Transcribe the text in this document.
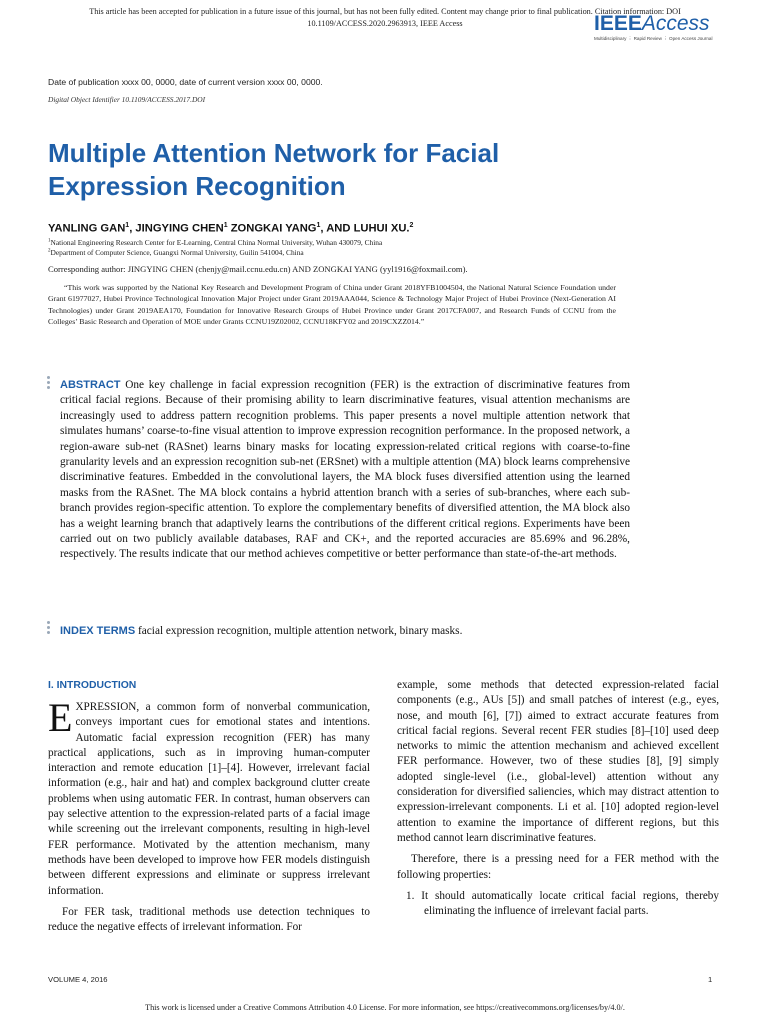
This article has been accepted for publication in a future issue of this journal, but has not been fully edited. Content may change prior to final publication. Citation information: DOI
10.1109/ACCESS.2020.2963913, IEEE Access	IEEEAccess
Multidisciplinary ⋮ Rapid Review ⋮ Open Access Journal
Date of publication xxxx 00, 0000, date of current version xxxx 00, 0000.
Digital Object Identifier 10.1109/ACCESS.2017.DOI
Multiple Attention Network for Facial
Expression Recognition
YANLING GAN$^1$, JINGYING CHEN$^1$ ZONGKAI YANG$^1$, AND LUHUI XU.$^2$
$^1$National Engineering Research Center for E-Learning, Central China Normal University, Wuhan 430079, China
$^2$Department of Computer Science, Guangxi Normal University, Guilin 541004, China
Corresponding author: JINGYING CHEN (chenjy@mail.ccnu.edu.cn) AND ZONGKAI YANG (yyl1916@foxmail.com).
“This work was supported by the National Key Research and Development Program of China under Grant 2018YFB1004504, the National Natural Science Foundation under Grant 61977027, Hubei Province Technological Innovation Major Project under Grant 2019AAA044, Science & Technology Major Project of Hubei Province (Next-Generation AI Technologies) under Grant 2019AEA170, Foundation for Innovative Research Groups of Hubei Province under Grant 2017CFA007, and Research Funds of CCNU from the Colleges’ Basic Research and Operation of MOE under Grants CCNU19Z02002, CCNU18KFY02 and 2019CXZZ014.”
ABSTRACT One key challenge in facial expression recognition (FER) is the extraction of discriminative features from critical facial regions. Because of their promising ability to learn discriminative features, visual attention mechanisms are increasingly used to address pattern recognition problems. This paper presents a novel multiple attention network that simulates humans’ coarse-to-fine visual attention to improve expression recognition performance. In the proposed network, a region-aware sub-net (RASnet) learns binary masks for locating expression-related critical regions with coarse-to-fine granularity levels and an expression recognition sub-net (ERSnet) with a multiple attention (MA) block learns comprehensive discriminative features. Embedded in the convolutional layers, the MA block fuses diversified attention using the learned masks from the RASnet. The MA block contains a hybrid attention branch with a series of sub-branches, where each sub-branch provides region-specific attention. To explore the complementary benefits of diversified attention, the MA block also has a weight learning branch that adaptively learns the contributions of the different critical regions. Experiments have been carried out on two publicly available databases, RAF and CK+, and the reported accuracies are 85.69% and 96.28%, respectively. The results indicate that our method achieves competitive or better performance than state-of-the-art methods.
INDEX TERMS facial expression recognition, multiple attention network, binary masks.
I. INTRODUCTION

EXPRESSION, a common form of nonverbal communication, conveys important cues for emotional states and intentions. Automatic facial expression recognition (FER) has many practical applications, such as in improving human-computer interaction and remote education [1]–[4]. However, irrelevant facial information (e.g., hair and hat) and complex background clutter create problems when using automatic FER. In contrast, human observers can pay selective attention to the expression-related parts of a facial image while screening out the irrelevant components, resulting in high-level FER performance. Motivated by the attention mechanism, many methods have been developed to improve how FER models distinguish between different expressions and eliminate or suppress irrelevant information.

For FER task, traditional methods use detection techniques to reduce the negative effects of irrelevant information. For

example, some methods that detected expression-related facial components (e.g., AUs [5]) and small patches of interest (e.g., eyes, nose, and mouth [6], [7]) aimed to extract accurate features from critical facial regions. Several recent FER studies [8]–[10] used deep networks to mimic the attention mechanism and achieved excellent FER performance. However, two of these studies [8], [9] simply adopted single-level (i.e., global-level) attention without any consideration for diversified saliencies, which may distract attention to expression-irrelevant components. Li et al. [10] adopted region-level attention to examine the importance of different regions, but this method cannot learn discriminative features.

Therefore, there is a pressing need for a FER method with the following properties:

1. It should automatically locate critical facial regions, thereby eliminating the influence of irrelevant facial parts.

VOLUME 4, 2016	1
This work is licensed under a Creative Commons Attribution 4.0 License. For more information, see https://creativecommons.org/licenses/by/4.0/.
